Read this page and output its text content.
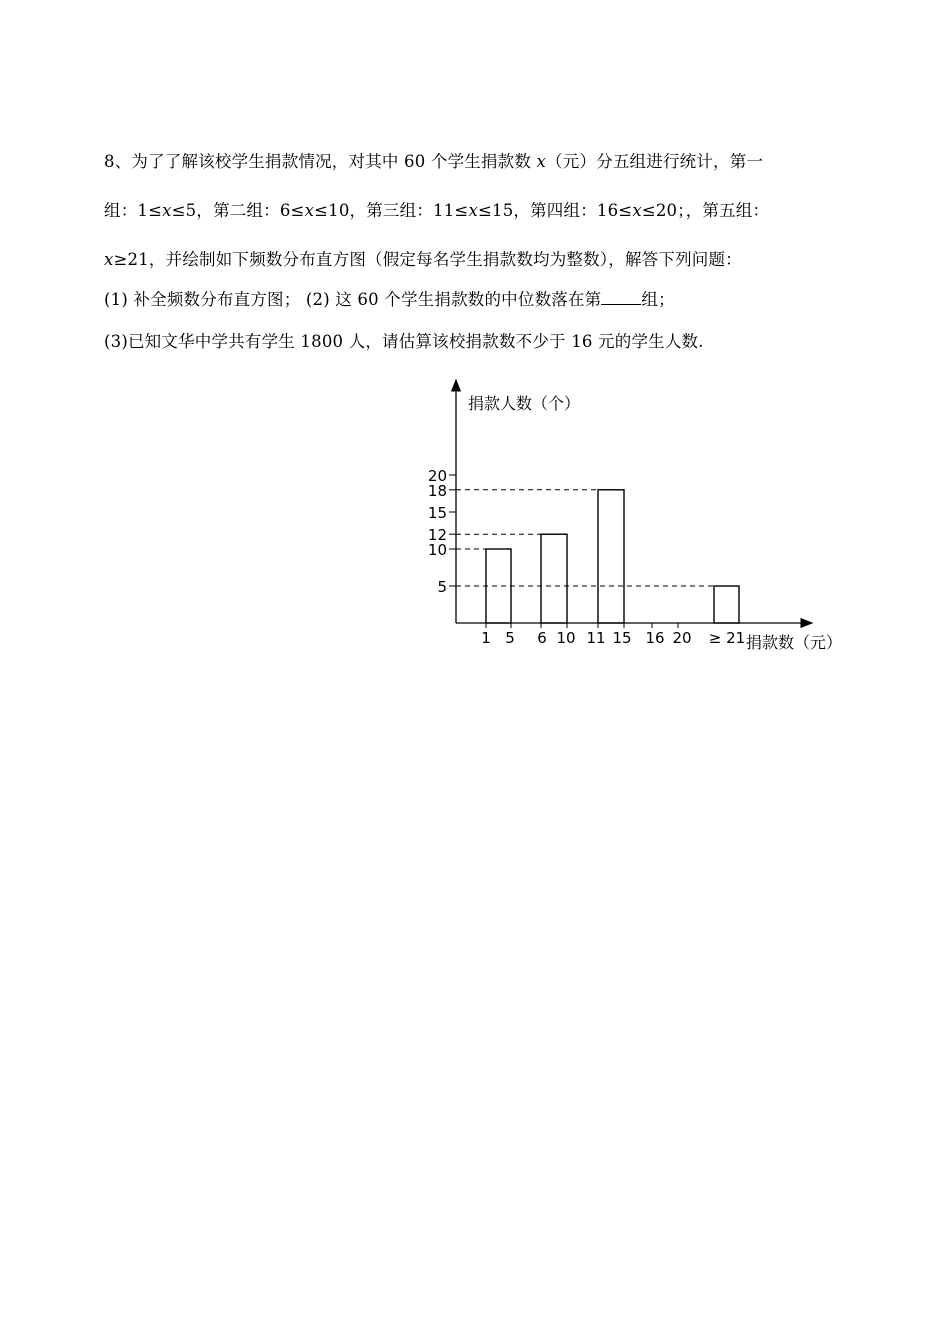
8、为了了解该校学生捐款情况，对其中 60 个学生捐款数 x（元）分五组进行统计，第一
组：1≤x≤5，第二组：6≤x≤10，第三组：11≤x≤15，第四组：16≤x≤20；，第五组：
x≥21，并绘制如下频数分布直方图（假定每名学生捐款数均为整数），解答下列问题：
(1) 补全频数分布直方图； (2) 这 60 个学生捐款数的中位数落在第 组；
(3)已知文华中学共有学生 1800 人，请估算该校捐款数不少于 16 元的学生人数.
5
10
12
15
18
20
1 5 6 10 11 15 16 20 ≥ 21
捐款人数（个）
捐款数（元）
